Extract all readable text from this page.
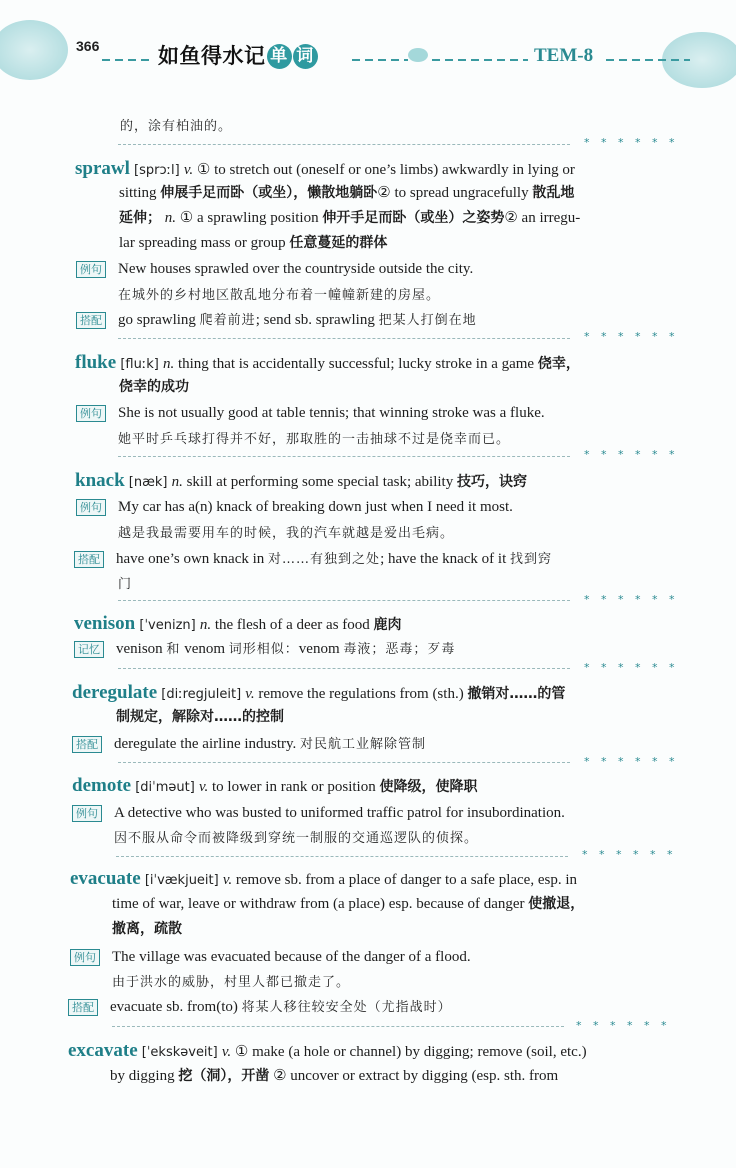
366	如鱼得水记 单 词	TEM-8
* * * * * *
* * * * * *
* * * * * *
* * * * * *
* * * * * *
* * * * * *
* * * * * *
* * * * * *
的，涂有柏油的。
sprawl [sprɔːl] v. ① to stretch out (oneself or one’s limbs) awkwardly in lying or
sitting 伸展手足而卧（或坐），懒散地躺卧② to spread ungracefully 散乱地
延伸； n. ① a sprawling position 伸开手足而卧（或坐）之姿势② an irregu-
lar spreading mass or group 任意蔓延的群体
例句 New houses sprawled over the countryside outside the city.
在城外的乡村地区散乱地分布着一幢幢新建的房屋。
搭配 go sprawling 爬着前进; send sb. sprawling 把某人打倒在地
fluke [fluːk] n. thing that is accidentally successful; lucky stroke in a game 侥幸，
侥幸的成功
例句 She is not usually good at table tennis; that winning stroke was a fluke.
她平时乒乓球打得并不好，那取胜的一击抽球不过是侥幸而已。
knack [næk] n. skill at performing some special task; ability 技巧，诀窍
例句 My car has a(n) knack of breaking down just when I need it most.
越是我最需要用车的时候，我的汽车就越是爱出毛病。
搭配 have one’s own knack in 对……有独到之处; have the knack of it 找到窍
门
venison [ˈvenizn] n. the flesh of a deer as food 鹿肉
记忆 venison 和 venom 词形相似：venom 毒液；恶毒；歹毒
deregulate [diːregjuleit] v. remove the regulations from (sth.) 撤销对……的管
制规定，解除对……的控制
搭配 deregulate the airline industry. 对民航工业解除管制
demote [diˈməut] v. to lower in rank or position 使降级，使降职
例句 A detective who was busted to uniformed traffic patrol for insubordination.
因不服从命令而被降级到穿统一制服的交通巡逻队的侦探。
evacuate [iˈvækjueit] v. remove sb. from a place of danger to a safe place, esp. in
time of war, leave or withdraw from (a place) esp. because of danger 使撤退，
撤离，疏散
例句 The village was evacuated because of the danger of a flood.
由于洪水的威胁，村里人都已撤走了。
搭配 evacuate sb. from(to) 将某人移往较安全处（尤指战时）
excavate [ˈekskəveit] v. ① make (a hole or channel) by digging; remove (soil, etc.)
by digging 挖（洞），开凿 ② uncover or extract by digging (esp. sth. from
